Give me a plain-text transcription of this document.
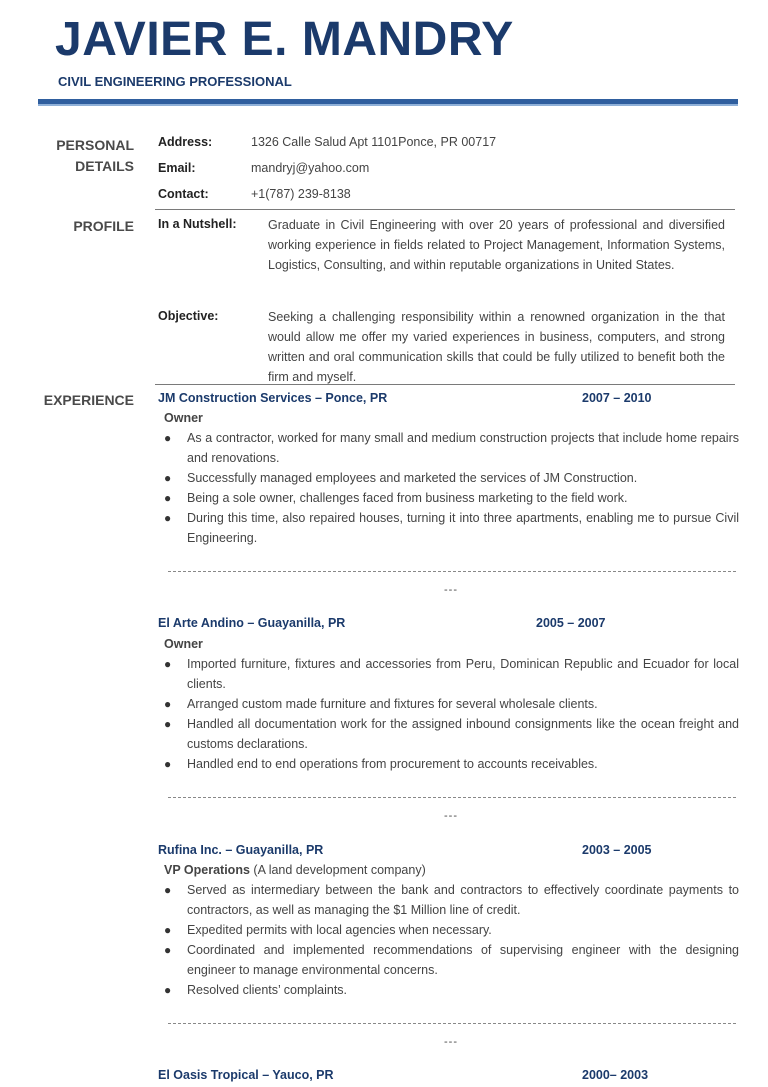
JAVIER E. MANDRY
CIVIL ENGINEERING PROFESSIONAL
PERSONAL
DETAILS
Address:	1326 Calle Salud Apt 1101Ponce, PR 00717
Email:	mandryj@yahoo.com
Contact:	+1(787) 239-8138
PROFILE In a Nutshell:	Graduate in Civil Engineering with over 20 years of professional and diversified working experience in fields related to Project Management, Information Systems, Logistics, Consulting, and within reputable organizations in United States.
Objective:	Seeking a challenging responsibility within a renowned organization in the that would allow me offer my varied experiences in business, computers, and strong written and oral communication skills that could be fully utilized to benefit both the firm and myself.
EXPERIENCE JM Construction Services – Ponce, PR	2007 – 2010
Owner
● As a contractor, worked for many small and medium construction projects that include home repairs and renovations.
● Successfully managed employees and marketed the services of JM Construction.
● Being a sole owner, challenges faced from business marketing to the field work.
● During this time, also repaired houses, turning it into three apartments, enabling me to pursue Civil Engineering.
---
El Arte Andino – Guayanilla, PR	2005 – 2007
Owner
● Imported furniture, fixtures and accessories from Peru, Dominican Republic and Ecuador for local clients.
● Arranged custom made furniture and fixtures for several wholesale clients.
● Handled all documentation work for the assigned inbound consignments like the ocean freight and customs declarations.
● Handled end to end operations from procurement to accounts receivables.
---
Rufina Inc. – Guayanilla, PR	2003 – 2005
VP Operations (A land development company)
● Served as intermediary between the bank and contractors to effectively coordinate payments to contractors, as well as managing the $1 Million line of credit.
● Expedited permits with local agencies when necessary.
● Coordinated and implemented recommendations of supervising engineer with the designing engineer to manage environmental concerns.
● Resolved clients’ complaints.
---
El Oasis Tropical – Yauco, PR	2000– 2003
